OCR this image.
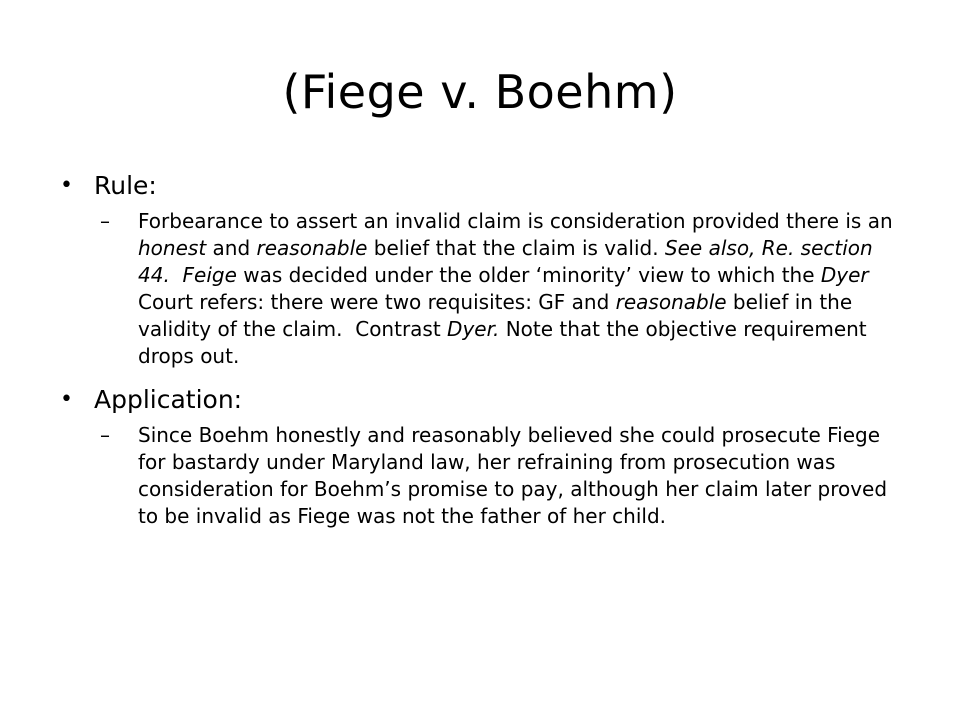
(Fiege v. Boehm)
• Rule:
– Forbearance to assert an invalid claim is consideration provided there is an honest and reasonable belief that the claim is valid. See also, Re. section 44. Feige was decided under the older ‘minority’ view to which the Dyer Court refers: there were two requisites: GF and reasonable belief in the validity of the claim.  Contrast Dyer. Note that the objective requirement drops out.
• Application:
– Since Boehm honestly and reasonably believed she could prosecute Fiege for bastardy under Maryland law, her refraining from prosecution was consideration for Boehm’s promise to pay, although her claim later proved to be invalid as Fiege was not the father of her child.
